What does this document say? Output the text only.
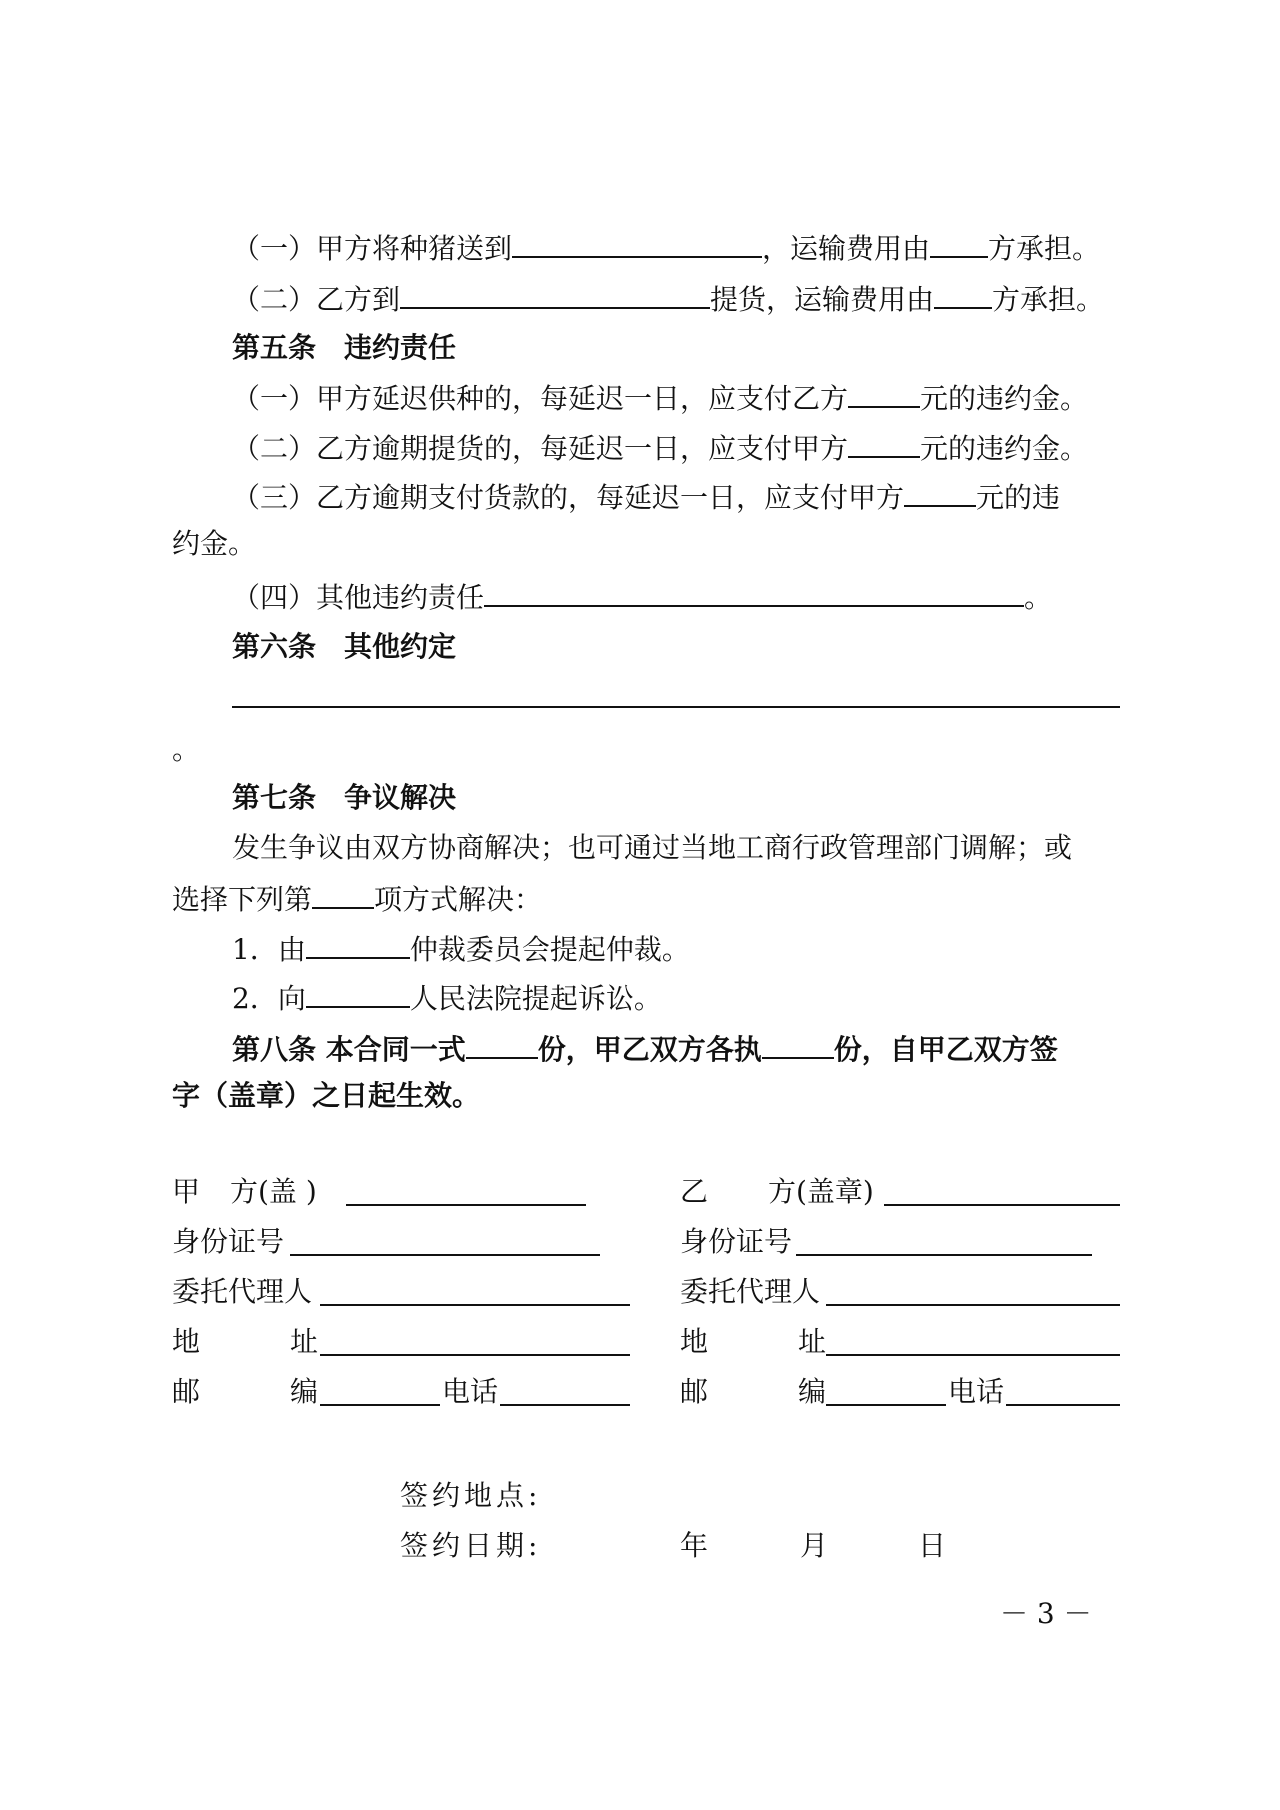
（一）甲方将种猪送到	，运输费用由 方承担。
（二）乙方到	提货，运输费用由 方承担。
第五条　违约责任
（一）甲方延迟供种的，每延迟一日，应支付乙方	元的违约金。
（二）乙方逾期提货的，每延迟一日，应支付甲方	元的违约金。
（三）乙方逾期支付货款的，每延迟一日，应支付甲方	元的违
约金。
（四）其他违约责任	。
第六条　其他约定
。
第七条　争议解决
发生争议由双方协商解决；也可通过当地工商行政管理部门调解；或
选择下列第 项方式解决：
1．由	仲裁委员会提起仲裁。
2．向	人民法院提起诉讼。
第八条 本合同一式	份，甲乙双方各执	份，自甲乙双方签
字（盖章）之日起生效。
甲 方(盖 )
身份证号
委托代理人
地	址
邮	编	电话
乙 方(盖章)
身份证号
委托代理人
地	址
邮	编	电话
签约地点:
签约日期:	年	月	日
－ 3 －
